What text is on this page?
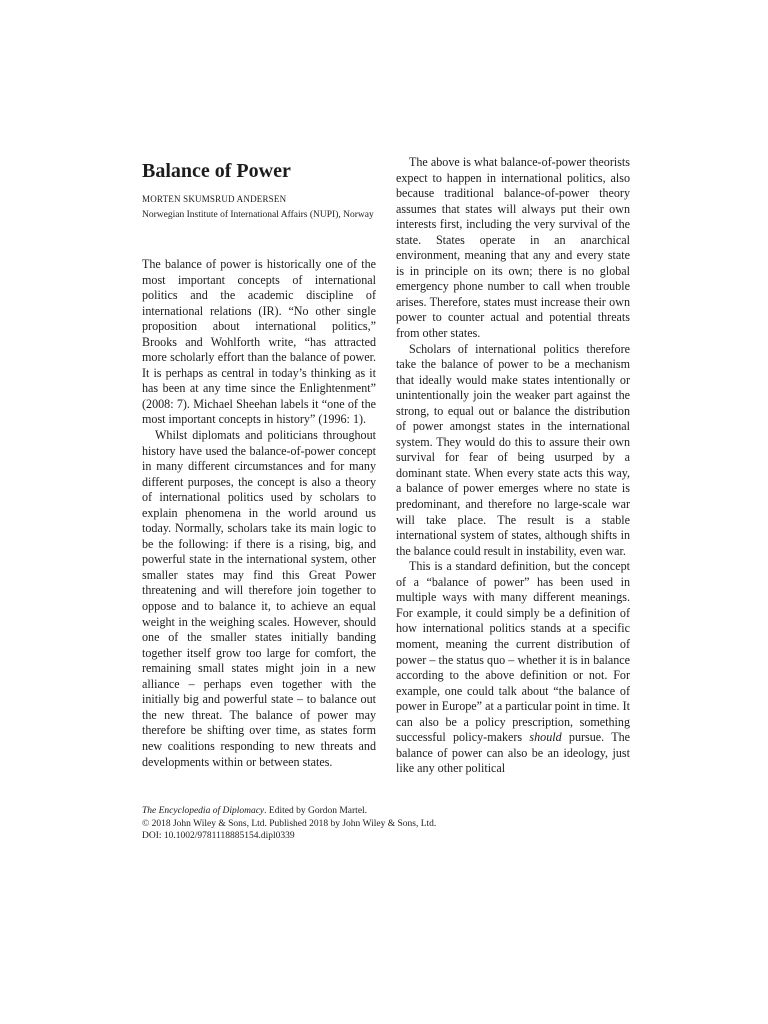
Balance of Power
MORTEN SKUMSRUD ANDERSEN
Norwegian Institute of International Affairs (NUPI), Norway

The balance of power is historically one of the most important concepts of international politics and the academic discipline of international relations (IR). “No other single proposition about international politics,” Brooks and Wohlforth write, “has attracted more scholarly effort than the balance of power. It is perhaps as central in today’s thinking as it has been at any time since the Enlightenment” (2008: 7). Michael Sheehan labels it “one of the most important concepts in history” (1996: 1).

Whilst diplomats and politicians throughout history have used the balance-of-power concept in many different circumstances and for many different purposes, the concept is also a theory of international politics used by scholars to explain phenomena in the world around us today. Normally, scholars take its main logic to be the following: if there is a rising, big, and powerful state in the international system, other smaller states may find this Great Power threatening and will therefore join together to oppose and to balance it, to achieve an equal weight in the weighing scales. However, should one of the smaller states initially banding together itself grow too large for comfort, the remaining small states might join in a new alliance – perhaps even together with the initially big and powerful state – to balance out the new threat. The balance of power may therefore be shifting over time, as states form new coalitions responding to new threats and developments within or between states.

The above is what balance-of-power theorists expect to happen in international politics, also because traditional balance-of-power theory assumes that states will always put their own interests first, including the very survival of the state. States operate in an anarchical environment, meaning that any and every state is in principle on its own; there is no global emergency phone number to call when trouble arises. Therefore, states must increase their own power to counter actual and potential threats from other states.

Scholars of international politics therefore take the balance of power to be a mechanism that ideally would make states intentionally or unintentionally join the weaker part against the strong, to equal out or balance the distribution of power amongst states in the international system. They would do this to assure their own survival for fear of being usurped by a dominant state. When every state acts this way, a balance of power emerges where no state is predominant, and therefore no large-scale war will take place. The result is a stable international system of states, although shifts in the balance could result in instability, even war.

This is a standard definition, but the concept of a “balance of power” has been used in multiple ways with many different meanings. For example, it could simply be a definition of how international politics stands at a specific moment, meaning the current distribution of power – the status quo – whether it is in balance according to the above definition or not. For example, one could talk about “the balance of power in Europe” at a particular point in time. It can also be a policy prescription, something successful policy-makers should pursue. The balance of power can also be an ideology, just like any other political

The Encyclopedia of Diplomacy. Edited by Gordon Martel.
© 2018 John Wiley & Sons, Ltd. Published 2018 by John Wiley & Sons, Ltd.
DOI: 10.1002/9781118885154.dipl0339
